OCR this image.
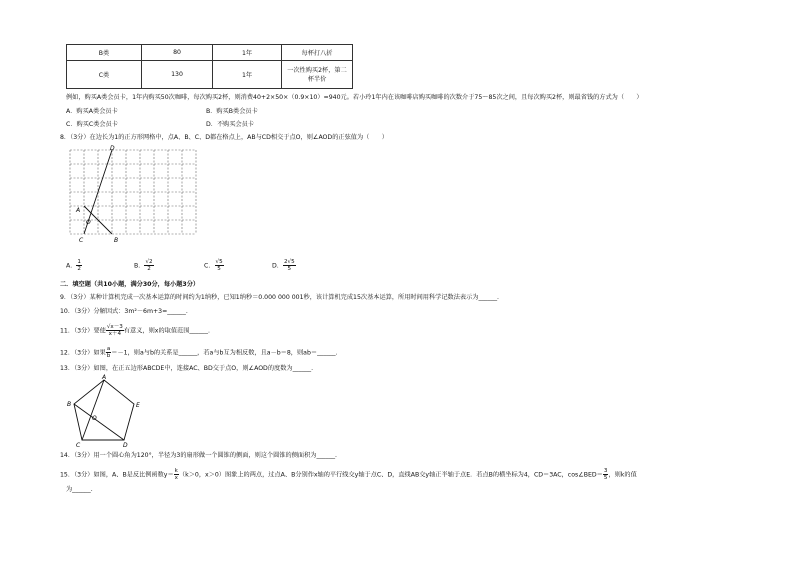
B类	80	1年	每杯打八折
C类	130	1年	一次性购买2杯，第二
杯半价
例如，购买A类会员卡，1年内购买50次咖啡，每次购买2杯，则消费40+2×50×（0.9×10）=940元。若小玲1年内在该咖啡店购买咖啡的次数介于75～85次之间，且每次购买2杯，则最省钱的方式为（　　）
A．购买A类会员卡	B．购买B类会员卡
C．购买C类会员卡	D．不购买会员卡
8．（3分）在边长为1的正方形网格中，点A、B、C、D都在格点上，AB与CD相交于点O，则∠AOD的正弦值为（　　）
D
A
O
C	B
A． $\frac{1}{2}$	B． $\frac{√2}{2}$	C． $\frac{√5}{5}$	D． $\frac{2√5}{5}$
二．填空题（共10小题，满分30分，每小题3分）
9．（3分）某种计算机完成一次基本运算的时间约为1纳秒，已知1纳秒＝0.000 000 001秒，该计算机完成15次基本运算，所用时间用科学记数法表示为______.
10．（3分）分解因式：3m²－6m+3=______.
11．（3分）要使 $\frac{√x-3}{x+4}$ 有意义，则x的取值范围______.
12．（3分）如果 $\frac{a}{b} =-1$，则a与b的关系是______，若a与b互为相反数，且a－b＝8，则ab＝______.
13．（3分）如图，在正五边形ABCDE中，连接AC、BD交于点O，则∠AOD的度数为______.
A
B
C	D
E
O
14．（3分）用一个圆心角为120°，半径为3的扇形做一个圆锥的侧面，则这个圆锥的侧面积为______.
15．（3分）如图，A、B是反比例函数$y= \frac{k}{x} (k>0$，x＞0）图象上的两点，过点A、B分别作x轴的平行线交y轴于点C、D，直线AB交y轴正半轴于点E．若点B的横坐标为4，CD＝3AC，cos∠BED＝ $\frac{3}{5}$ ，则k的值
为______.
